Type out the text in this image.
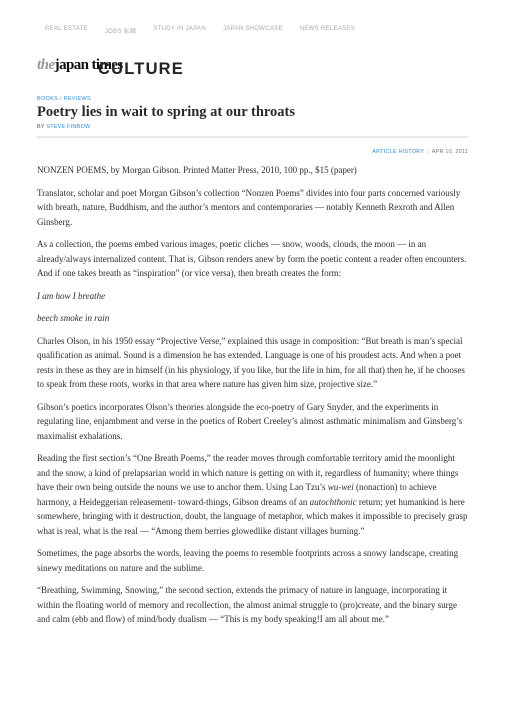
REAL ESTATE	JOBS 転職	STUDY IN JAPAN	JAPAN SHOWCASE	NEWS RELEASES
thejapan times
CULTURE
BOOKS / REVIEWS
Poetry lies in wait to spring at our throats
BY STEVE FINBOW
ARTICLE HISTORY | APR 10, 2011

NONZEN POEMS, by Morgan Gibson. Printed Matter Press, 2010, 100 pp., $15 (paper)

Translator, scholar and poet Morgan Gibson’s collection “Nonzen Poems” divides into four parts concerned variously with breath, nature, Buddhism, and the author’s mentors and contemporaries — notably Kenneth Rexroth and Allen Ginsberg.

As a collection, the poems embed various images, poetic cliches — snow, woods, clouds, the moon — in an already/always internalized content. That is, Gibson renders anew by form the poetic content a reader often encounters. And if one takes breath as “inspiration” (or vice versa), then breath creates the form:

I am how I breathe

beech smoke in rain

Charles Olson, in his 1950 essay “Projective Verse,” explained this usage in composition: “But breath is man’s special qualification as animal. Sound is a dimension he has extended. Language is one of his proudest acts. And when a poet rests in these as they are in himself (in his physiology, if you like, but the life in him, for all that) then he, if he chooses to speak from these roots, works in that area where nature has given him size, projective size.”

Gibson’s poetics incorporates Olson’s theories alongside the eco-poetry of Gary Snyder, and the experiments in regulating line, enjambment and verse in the poetics of Robert Creeley’s almost asthmatic minimalism and Ginsberg’s maximalist exhalations.

Reading the first section’s “One Breath Poems,” the reader moves through comfortable territory amid the moonlight and the snow, a kind of prelapsarian world in which nature is getting on with it, regardless of humanity; where things have their own being outside the nouns we use to anchor them. Using Lao Tzu’s wu-wei (nonaction) to achieve harmony, a Heideggerian releasement- toward-things, Gibson dreams of an autochthonic return; yet humankind is here somewhere, bringing with it destruction, doubt, the language of metaphor, which makes it impossible to precisely grasp what is real, what is the real — “Among them berries glowedlike distant villages burning.”

Sometimes, the page absorbs the words, leaving the poems to resemble footprints across a snowy landscape, creating sinewy meditations on nature and the sublime.

“Breathing, Swimming, Snowing,” the second section, extends the primacy of nature in language, incorporating it within the floating world of memory and recollection, the almost animal struggle to (pro)create, and the binary surge and calm (ebb and flow) of mind/body dualism — “This is my body speaking!I am all about me.”
